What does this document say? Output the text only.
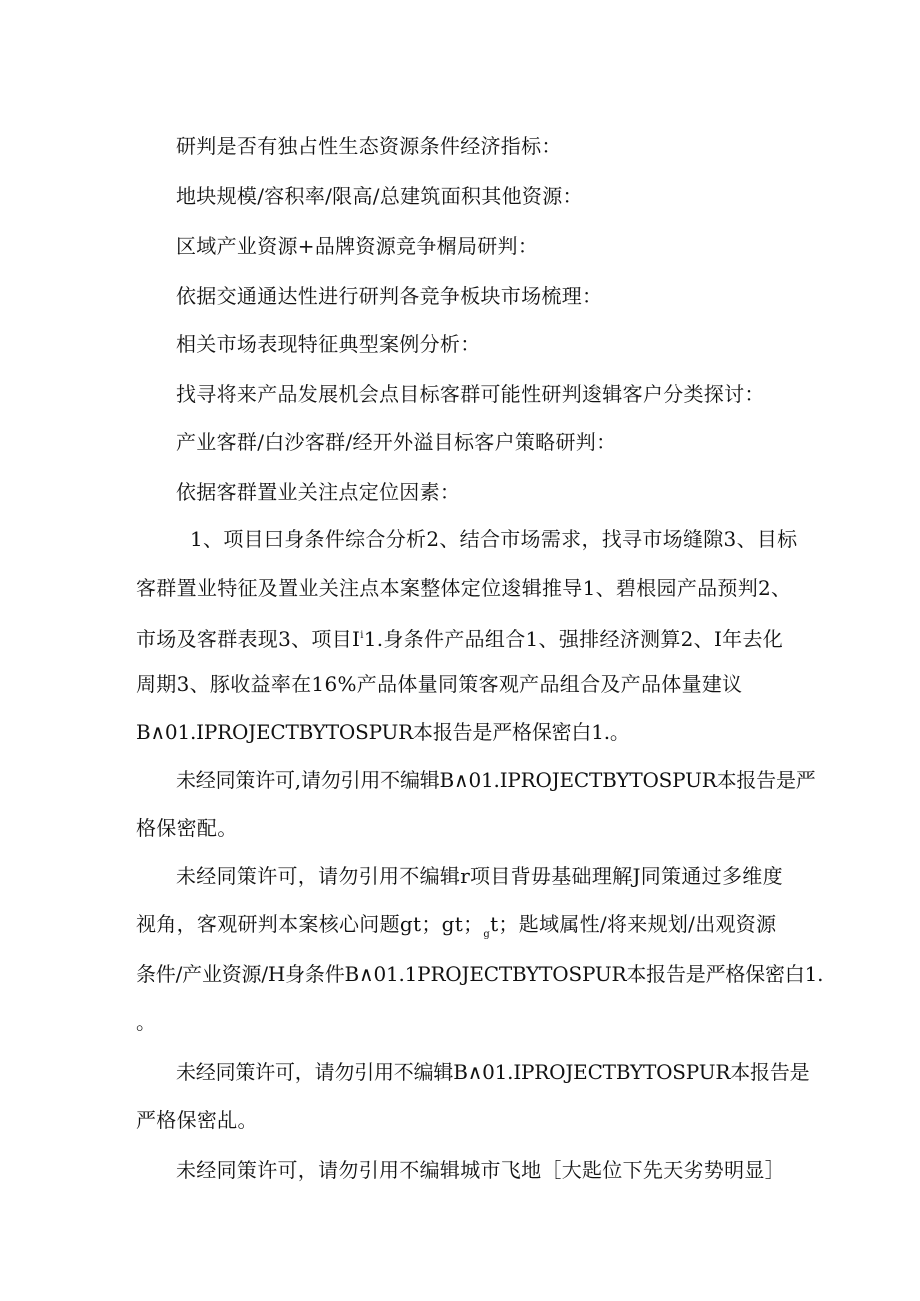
研判是否有独占性生态资源条件经济指标：

地块规模/容积率/限高/总建筑面积其他资源：

区域产业资源+品牌资源竞争榍局研判：

依据交通通达性进行研判各竞争板块市场梳理：

相关市场表现特征典型案例分析：

找寻将来产品发展机会点目标客群可能性研判逡辑客户分类探讨：

产业客群/白沙客群/经开外溢目标客户策略研判：

依据客群置业关注点定位因素：

1、项目曰身条件综合分析2、结合市场需求，找寻市场缝隙3、目标

客群置业特征及置业关注点本案整体定位逡辑推导1、碧根园产品预判2、

市场及客群表现3、项目$I^i1$.身条件产品组合1、强排经济测算2、I年去化

周期3、豚收益率在16%产品体量同策客观产品组合及产品体量建议

B∧01.IPROJECTBYTOSPUR本报告是严格保密白1.。

未经同策许可,请勿引用不编辑B∧01.IPROJECTBYTOSPUR本报告是严

格保密配。

未经同策许可，请勿引用不编辑r项目背毋基础理解J同策通过多维度

视角，客观研判本案核心问题gt；gt；$_g$t；匙域属性/将来规划/出观资源

条件/产业资源/H身条件B∧01.1PROJECTBYTOSPUR本报告是严格保密白1.

。

未经同策许可，请勿引用不编辑B∧01.IPROJECTBYTOSPUR本报告是

严格保密乩。

未经同策许可，请勿引用不编辑城市飞地［大匙位下先天劣势明显］
